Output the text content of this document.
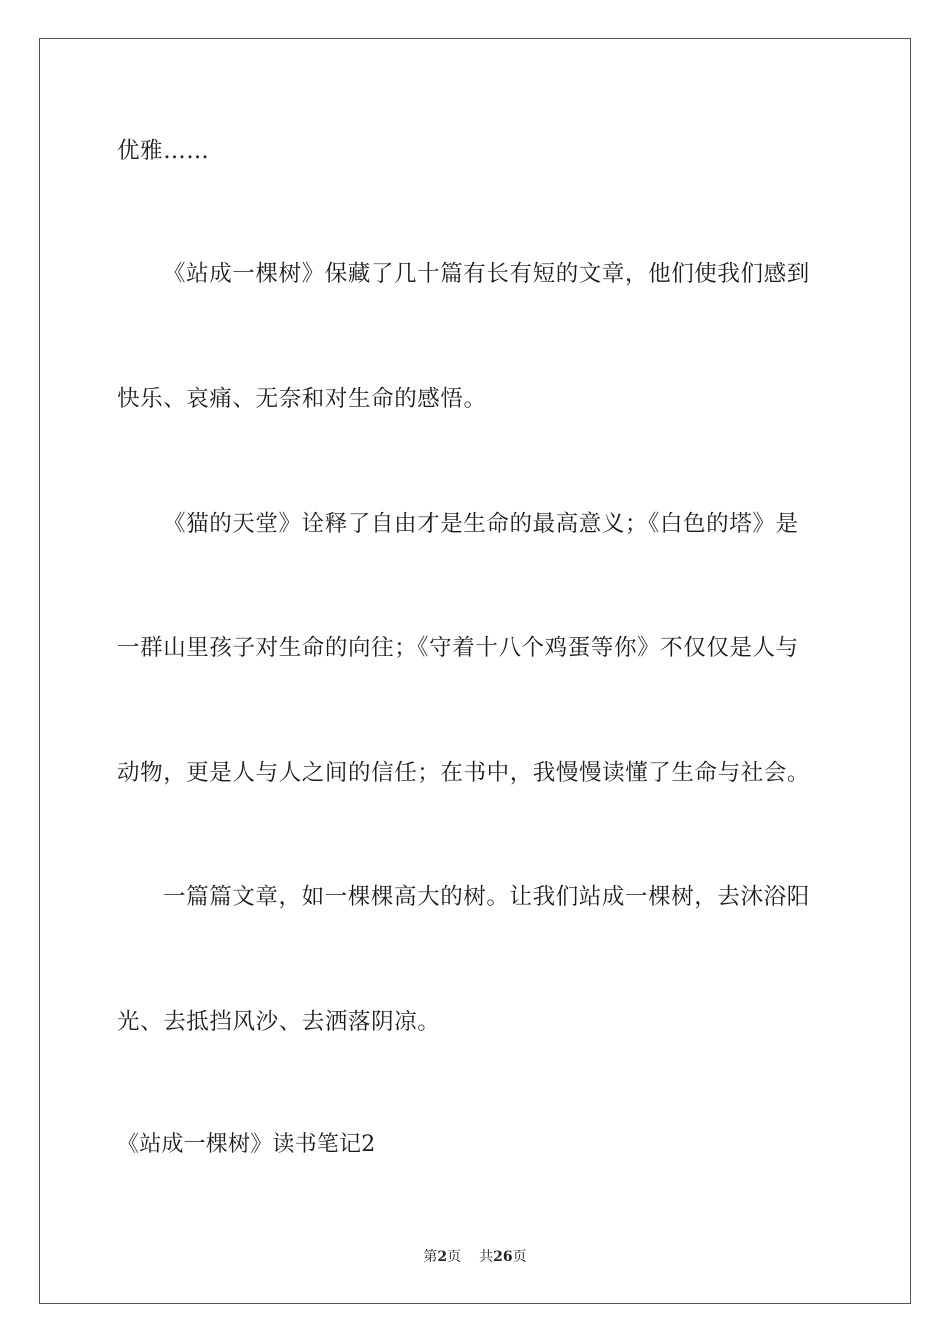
优雅……
《站成一棵树》保藏了几十篇有长有短的文章，他们使我们感到
快乐、哀痛、无奈和对生命的感悟。
《猫的天堂》诠释了自由才是生命的最高意义；《白色的塔》是
一群山里孩子对生命的向往；《守着十八个鸡蛋等你》不仅仅是人与
动物，更是人与人之间的信任；在书中，我慢慢读懂了生命与社会。
一篇篇文章，如一棵棵高大的树。让我们站成一棵树，去沐浴阳
光、去抵挡风沙、去洒落阴凉。
《站成一棵树》读书笔记2
第2页 共26页
